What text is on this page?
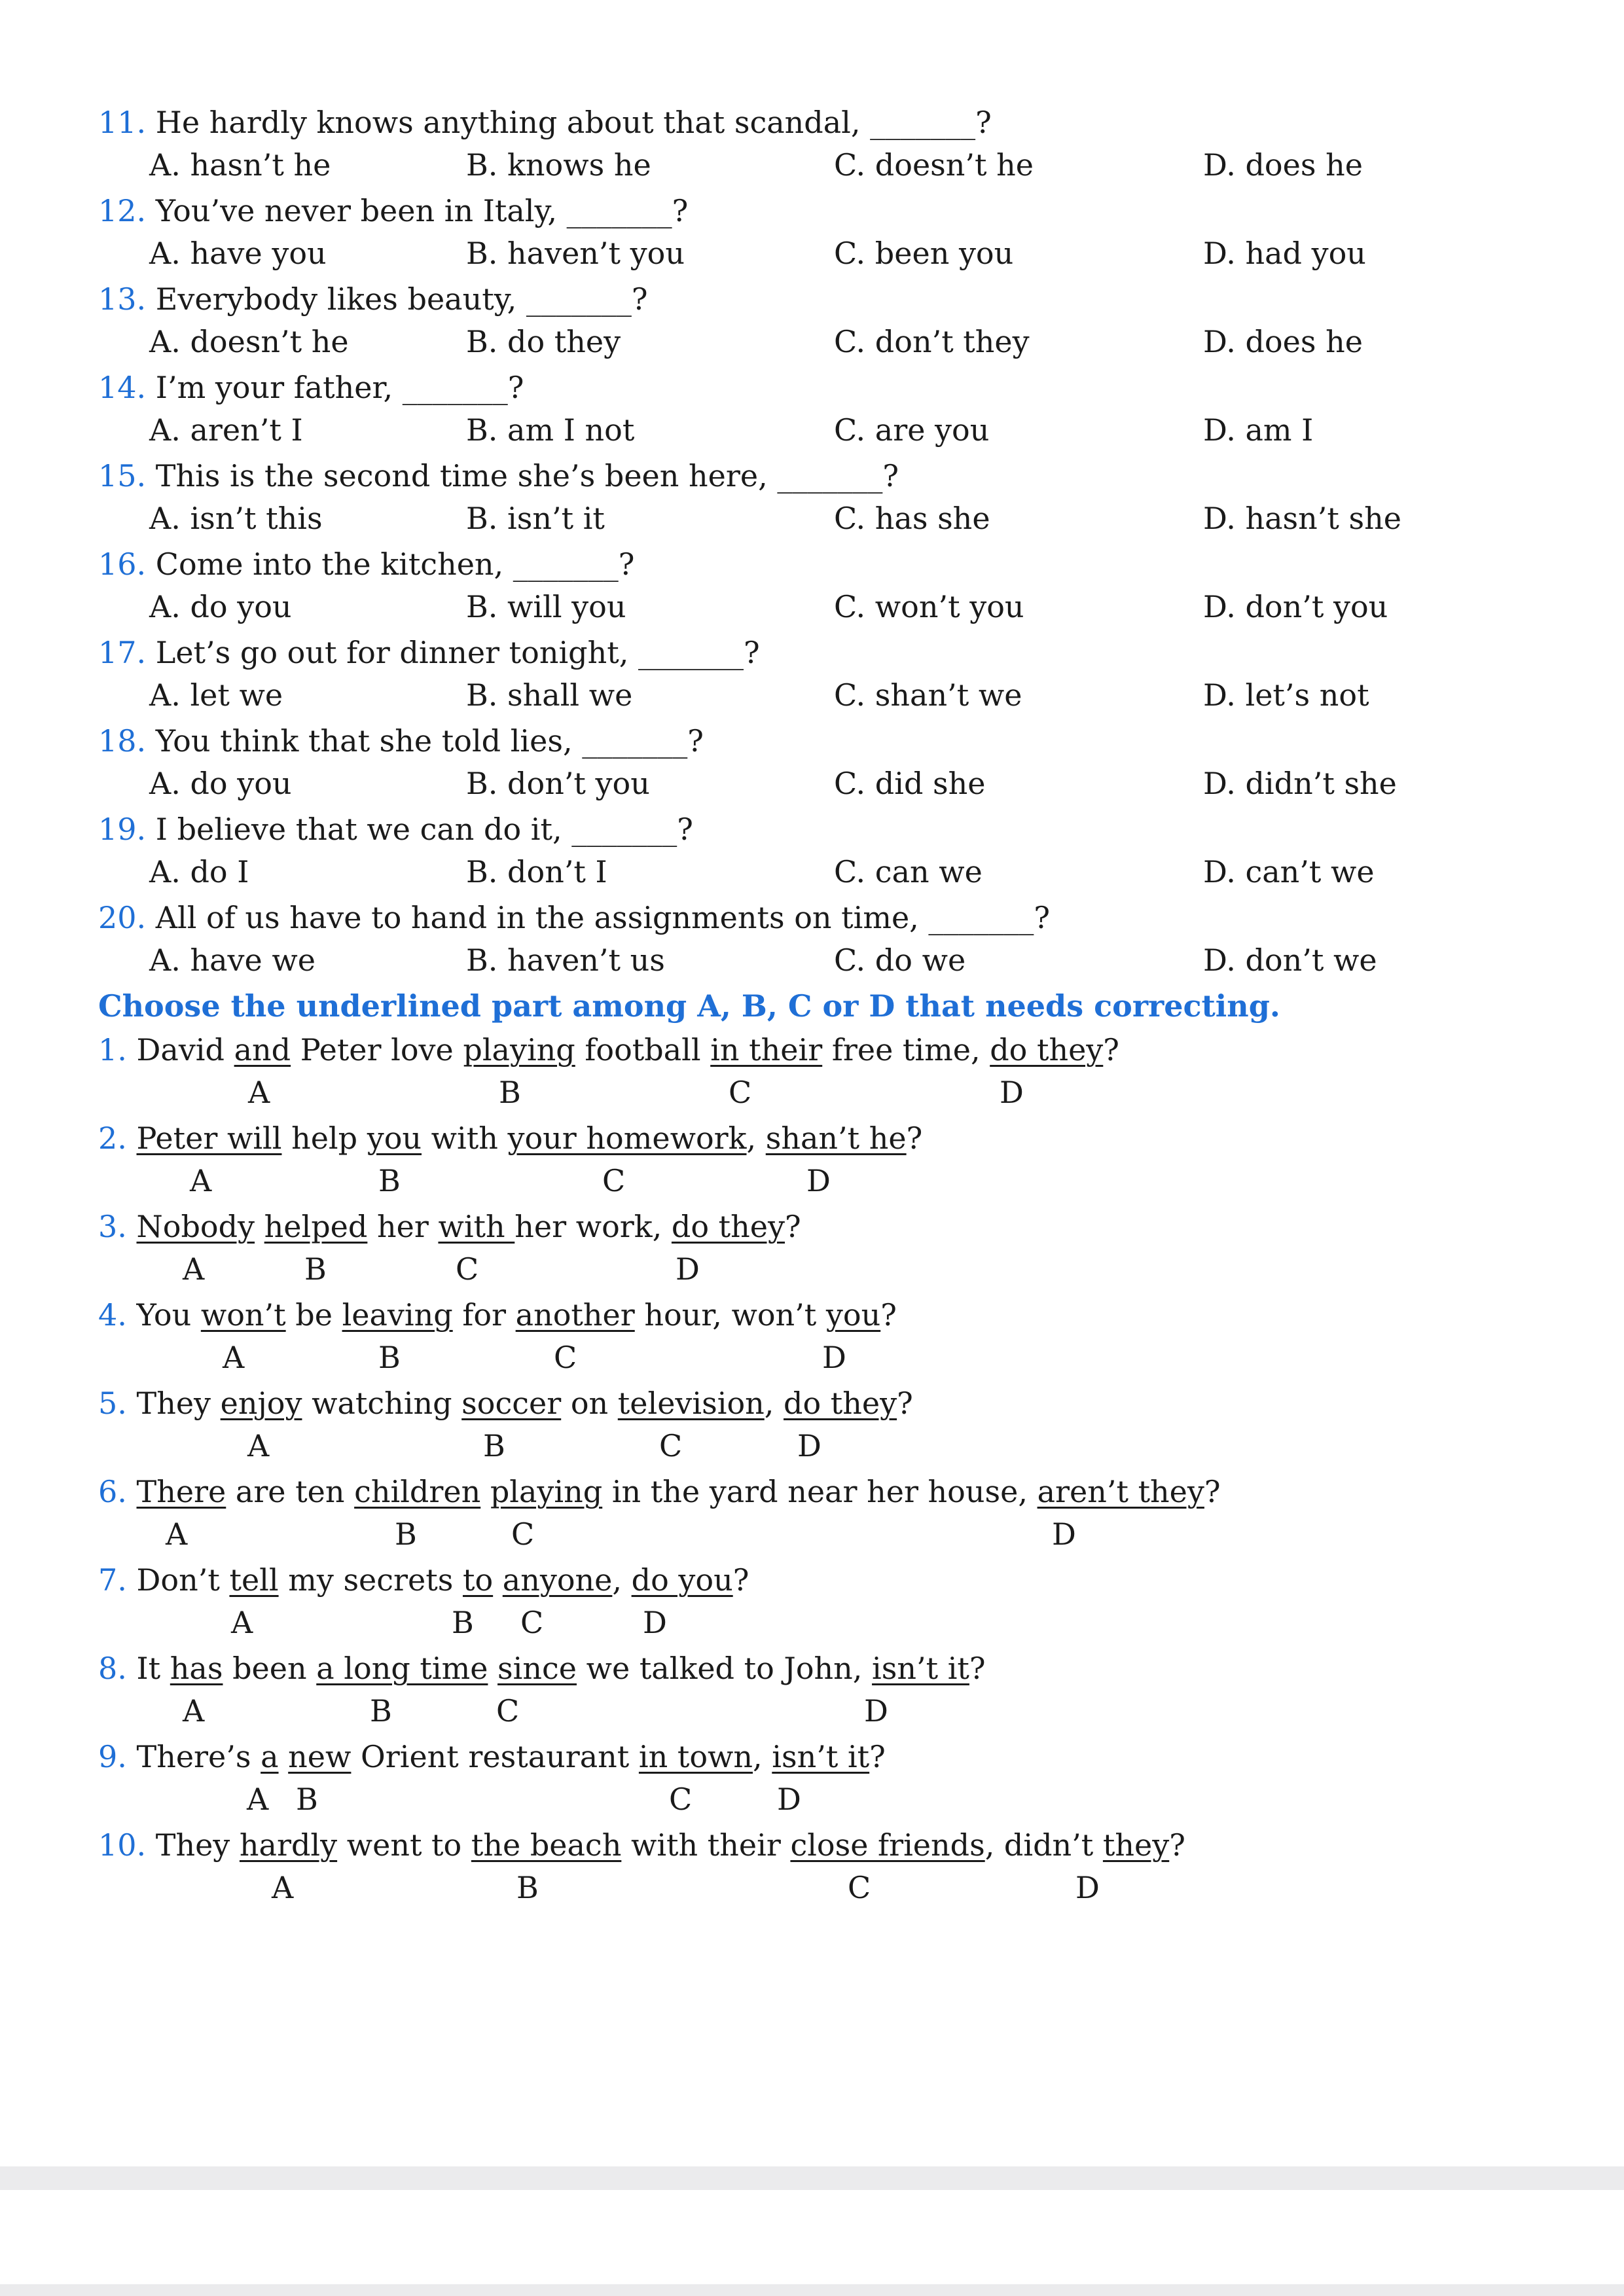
11. He hardly knows anything about that scandal, _______?
A. hasn’t he	B. knows he	C. doesn’t he	D. does he
12. You’ve never been in Italy, _______?
A. have you	B. haven’t you	C. been you	D. had you
13. Everybody likes beauty, _______?
A. doesn’t he	B. do they	C. don’t they	D. does he
14. I’m your father, _______?
A. aren’t I	B. am I not	C. are you	D. am I
15. This is the second time she’s been here, _______?
A. isn’t this	B. isn’t it	C. has she	D. hasn’t she
16. Come into the kitchen, _______?
A. do you	B. will you	C. won’t you	D. don’t you
17. Let’s go out for dinner tonight, _______?
A. let we	B. shall we	C. shan’t we	D. let’s not
18. You think that she told lies, _______?
A. do you	B. don’t you	C. did she	D. didn’t she
19. I believe that we can do it, _______?
A. do I	B. don’t I	C. can we	D. can’t we
20. All of us have to hand in the assignments on time, _______?
A. have we	B. haven’t us	C. do we	D. don’t we
Choose the underlined part among A, B, C or D that needs correcting.
1. David and Peter love playing football in their free time, do they?
A	B	C	D
2. Peter will help you with your homework, shan’t he?
A	B	C	D
3. Nobody helped her with her work, do they?
A	B	C	D
4. You won’t be leaving for another hour, won’t you?
A	B	C	D
5. They enjoy watching soccer on television, do they?
A	B	C	D
6. There are ten children playing in the yard near her house, aren’t they?
A	B	C	D
7. Don’t tell my secrets to anyone, do you?
A	B C	D
8. It has been a long time since we talked to John, isn’t it?
A	B	C	D
9. There’s a new Orient restaurant in town, isn’t it?
A B	C	D
10. They hardly went to the beach with their close friends, didn’t they?
A	B	C	D
